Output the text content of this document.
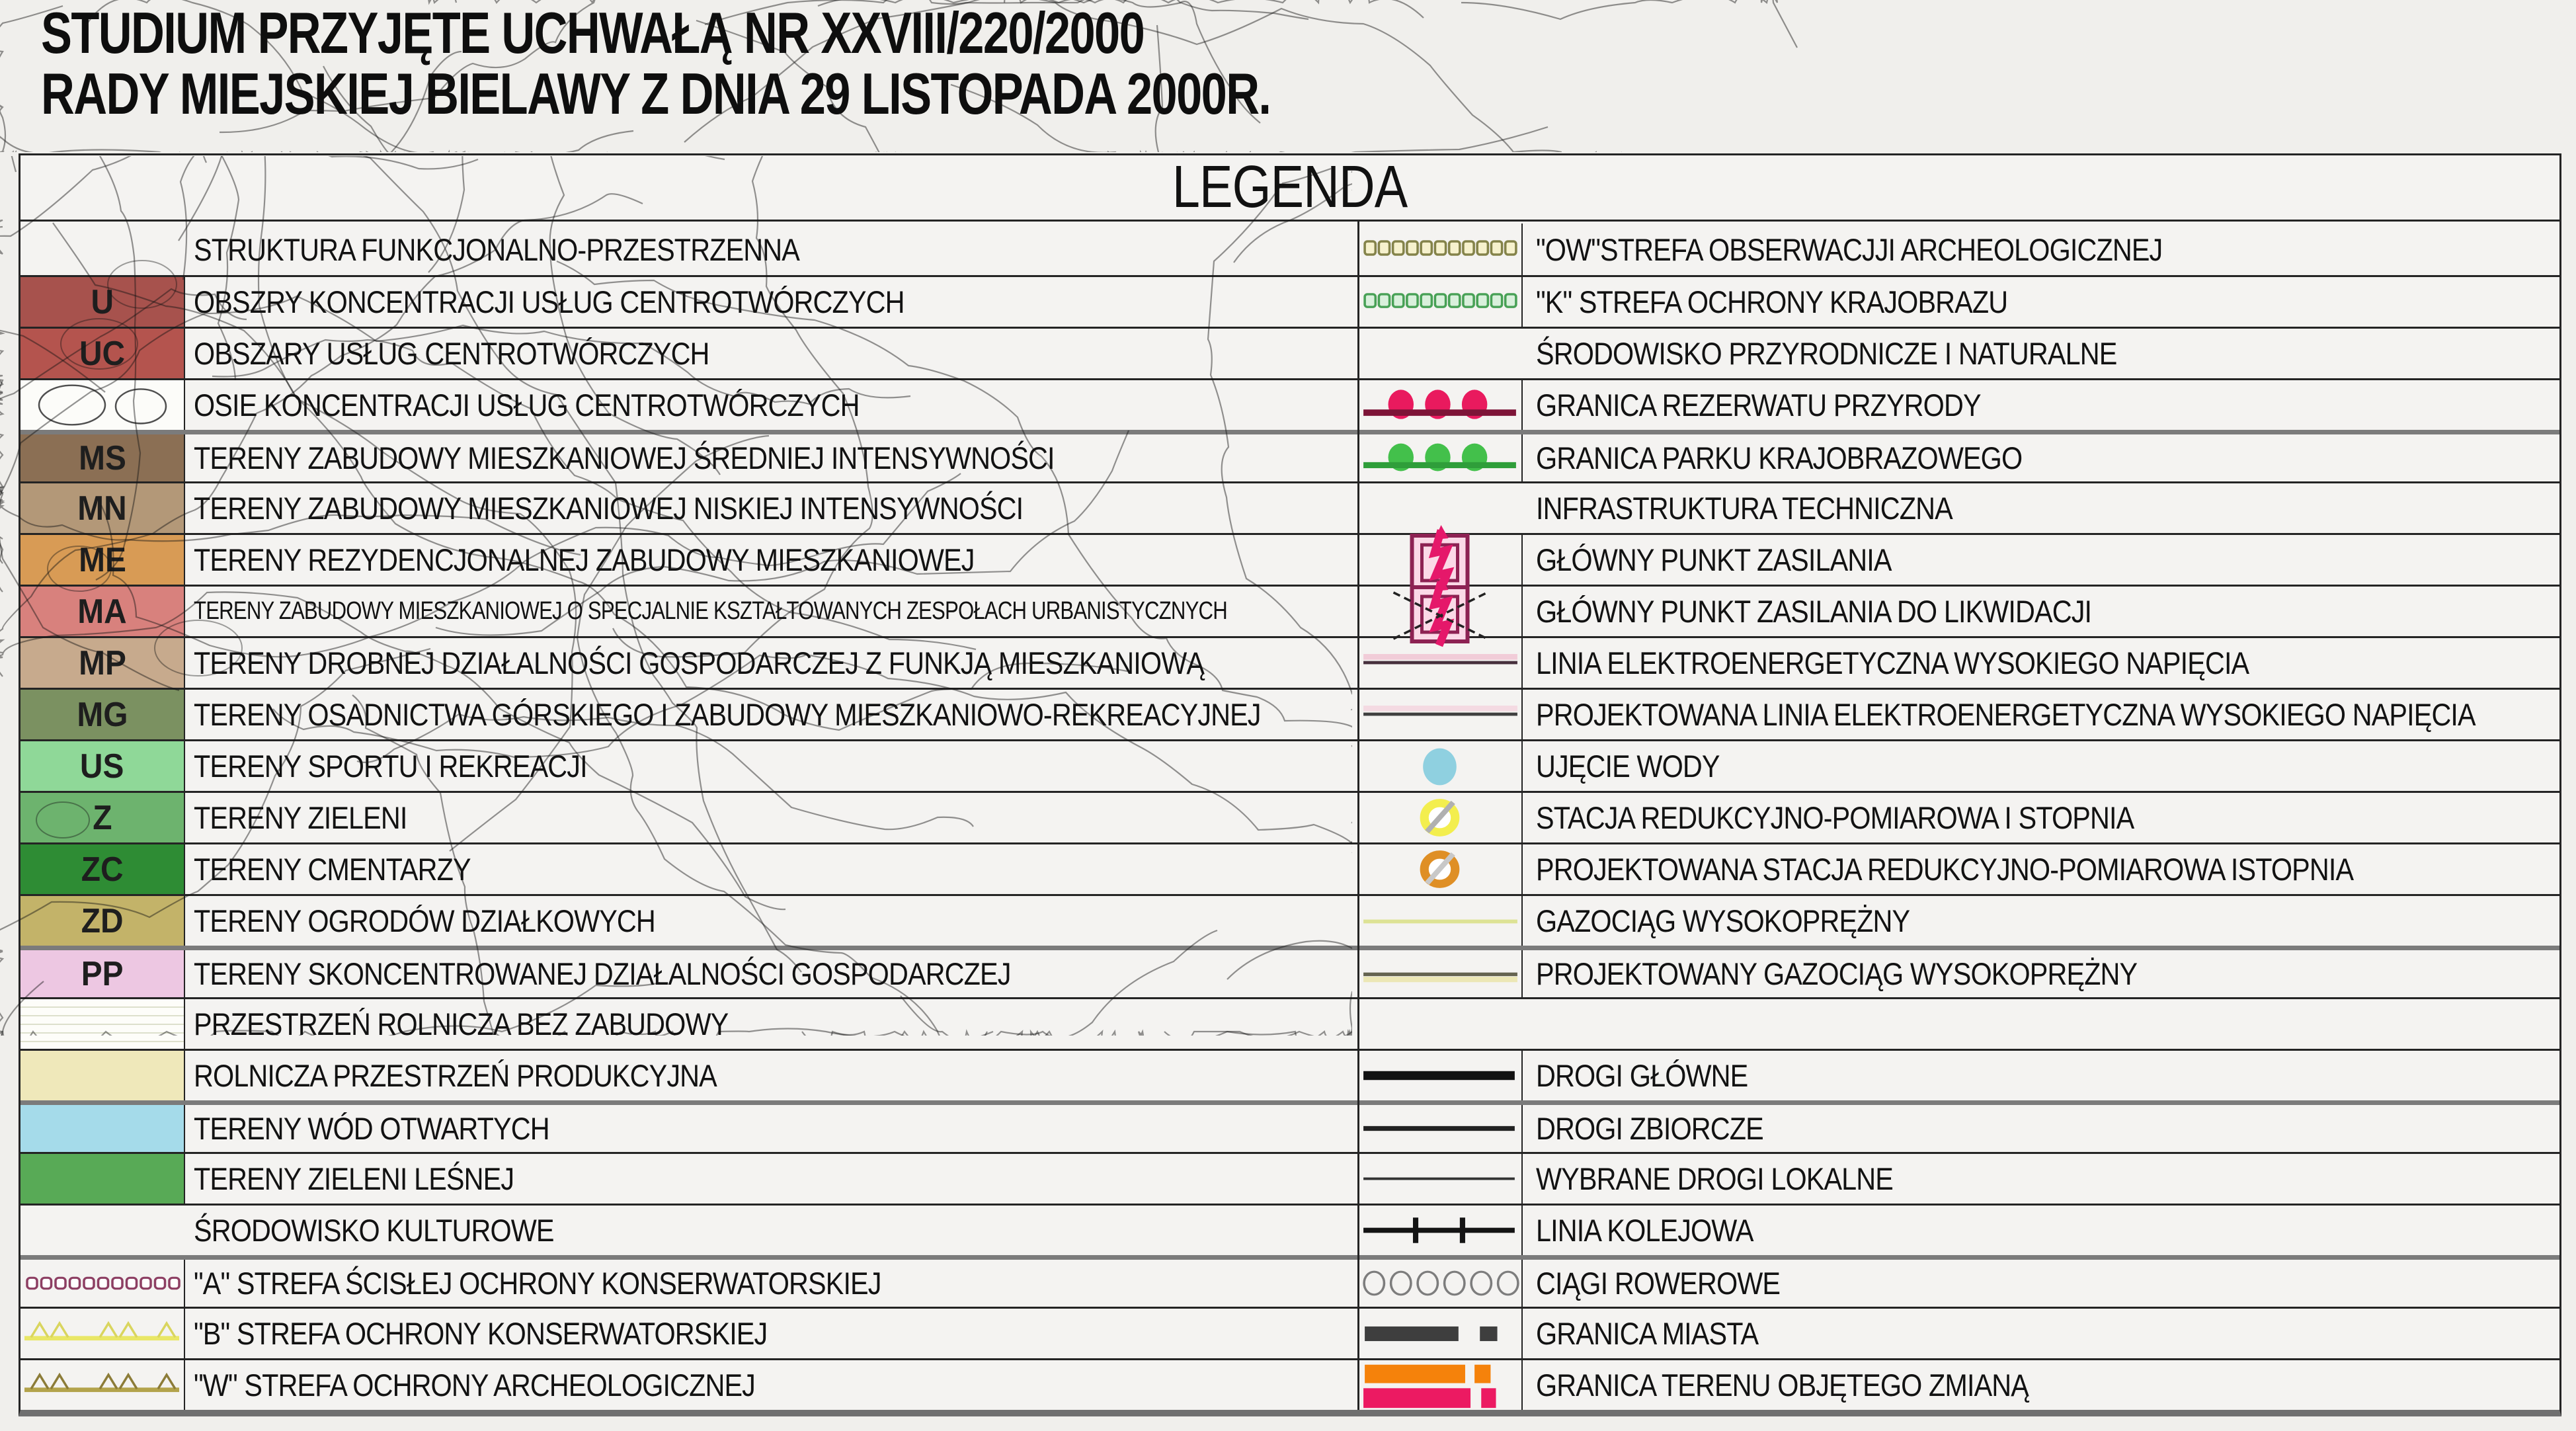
STUDIUM PRZYJĘTE UCHWAŁĄ NR XXVIII/220/2000
RADY MIEJSKIEJ BIELAWY Z DNIA 29 LISTOPADA 2000R.
LEGENDA
STRUKTURA FUNKCJONALNO-PRZESTRZENNA	"OW"STREFA OBSERWACJJI ARCHEOLOGICZNEJ
U	OBSZRY KONCENTRACJI USŁUG CENTROTWÓRCZYCH	"K" STREFA OCHRONY KRAJOBRAZU
UC OBSZARY USŁUG CENTROTWÓRCZYCH	ŚRODOWISKO PRZYRODNICZE I NATURALNE
OSIE KONCENTRACJI USŁUG CENTROTWÓRCZYCH	GRANICA REZERWATU PRZYRODY
MS TERENY ZABUDOWY MIESZKANIOWEJ ŚREDNIEJ INTENSYWNOŚCI	GRANICA PARKU KRAJOBRAZOWEGO
MN TERENY ZABUDOWY MIESZKANIOWEJ NISKIEJ INTENSYWNOŚCI	INFRASTRUKTURA TECHNICZNA
ME TERENY REZYDENCJONALNEJ ZABUDOWY MIESZKANIOWEJ	GŁÓWNY PUNKT ZASILANIA
MA	TERENY ZABUDOWY MIESZKANIOWEJ O SPECJALNIE KSZTAŁTOWANYCH ZESPOŁACH URBANISTYCZNYCH	GŁÓWNY PUNKT ZASILANIA DO LIKWIDACJI
MP TERENY DROBNEJ DZIAŁALNOŚCI GOSPODARCZEJ Z FUNKJĄ MIESZKANIOWĄ	LINIA ELEKTROENERGETYCZNA WYSOKIEGO NAPIĘCIA
MG TERENY OSADNICTWA GÓRSKIEGO I ZABUDOWY MIESZKANIOWO-REKREACYJNEJ	PROJEKTOWANA LINIA ELEKTROENERGETYCZNA WYSOKIEGO NAPIĘCIA
US TERENY SPORTU I REKREACJI	UJĘCIE WODY
Z	TERENY ZIELENI	STACJA REDUKCYJNO-POMIAROWA I STOPNIA
ZC TERENY CMENTARZY	PROJEKTOWANA STACJA REDUKCYJNO-POMIAROWA ISTOPNIA
ZD TERENY OGRODÓW DZIAŁKOWYCH	GAZOCIĄG WYSOKOPRĘŻNY
PP TERENY SKONCENTROWANEJ DZIAŁALNOŚCI GOSPODARCZEJ	PROJEKTOWANY GAZOCIĄG WYSOKOPRĘŻNY
PRZESTRZEŃ ROLNICZA BEZ ZABUDOWY
ROLNICZA PRZESTRZEŃ PRODUKCYJNA	DROGI GŁÓWNE
TERENY WÓD OTWARTYCH	DROGI ZBIORCZE
TERENY ZIELENI LEŚNEJ	WYBRANE DROGI LOKALNE
ŚRODOWISKO KULTUROWE	LINIA KOLEJOWA
"A" STREFA ŚCISŁEJ OCHRONY KONSERWATORSKIEJ	CIĄGI ROWEROWE
"B" STREFA OCHRONY KONSERWATORSKIEJ	GRANICA MIASTA
"W" STREFA OCHRONY ARCHEOLOGICZNEJ	GRANICA TERENU OBJĘTEGO ZMIANĄ
